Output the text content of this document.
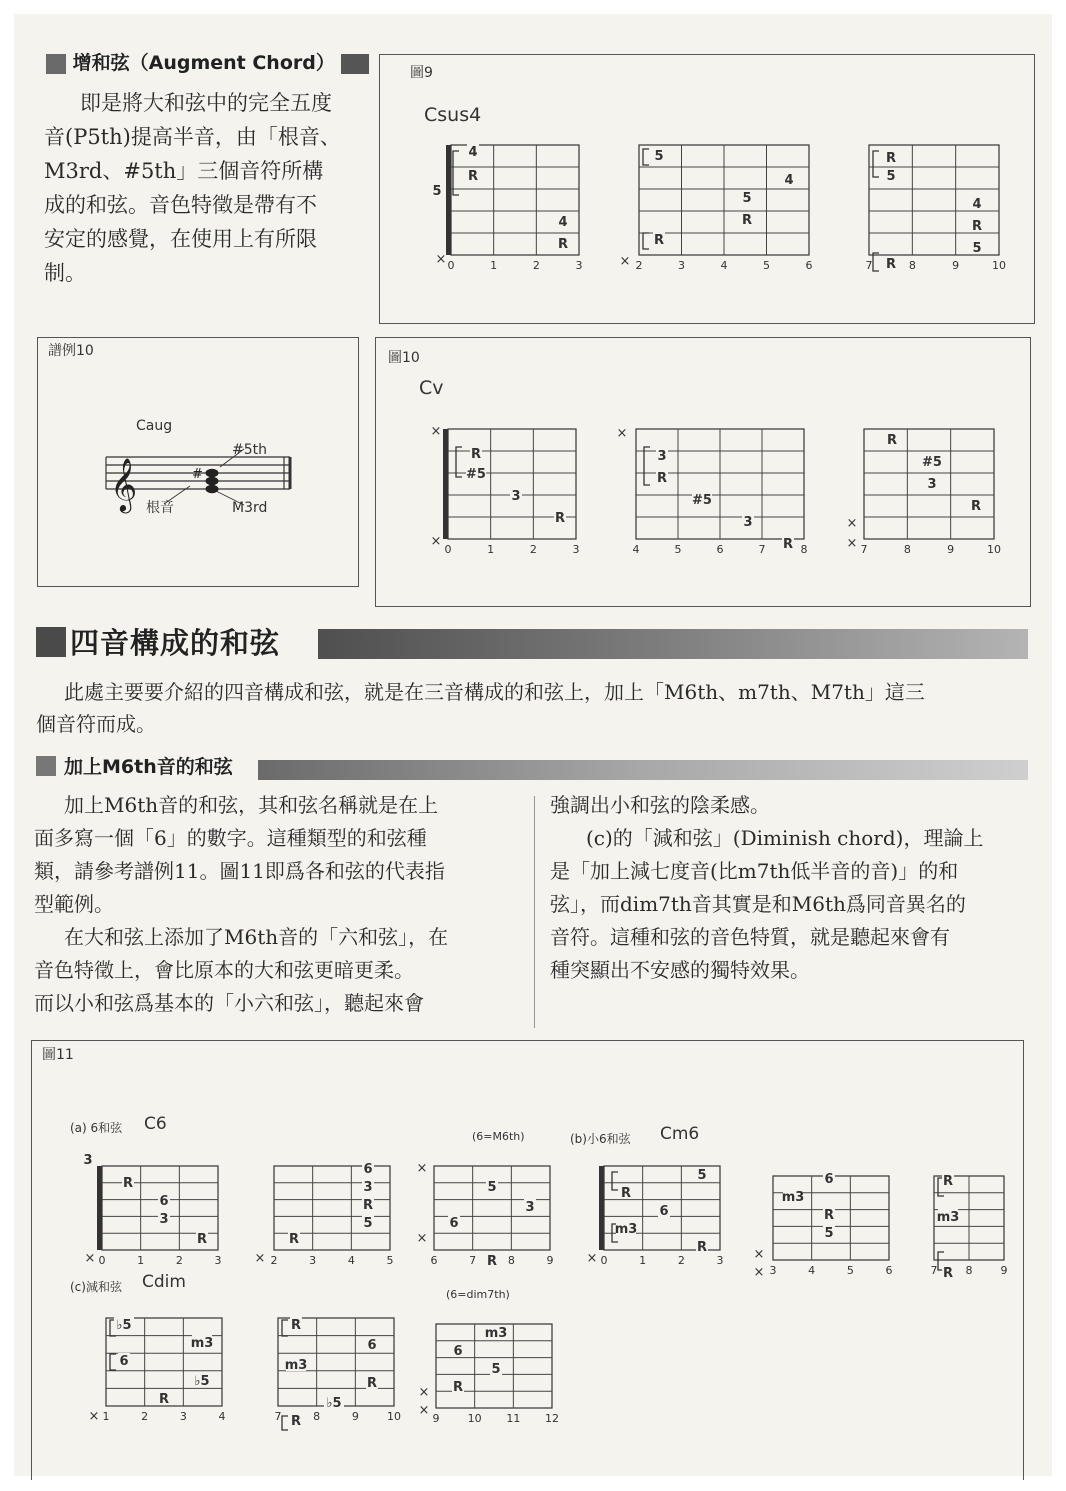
增和弦（Augment Chord）
即是將大和弦中的完全五度
音(P5th)提高半音，由「根音、
M3rd、#5th」三個音符所構
成的和弦。音色特徵是帶有不
安定的感覺，在使用上有所限
制。
圖9
Csus4
0	1	2	3
×
5
4
R
4
R
2	3	4	5	6
×
5
4
5
R
R
7	8	9	10
R
5
4
R
5
R
譜例10
𝄞	#
Caug
#5th
根音	M3rd
圖10
Cv
0	1	2	3
×
×
R
#5
3
R
4	5	6	7	8
×
3
R
#5
3
R	7	8	9	10
×
×
R
#5
3
R
四音構成的和弦
此處主要要介紹的四音構成和弦，就是在三音構成的和弦上，加上「M6th、m7th、M7th」這三
個音符而成。
加上M6th音的和弦
加上M6th音的和弦，其和弦名稱就是在上
面多寫一個「6」的數字。這種類型的和弦種
類，請參考譜例11。圖11即爲各和弦的代表指
型範例。
在大和弦上添加了M6th音的「六和弦」，在
音色特徵上，會比原本的大和弦更暗更柔。
而以小和弦爲基本的「小六和弦」，聽起來會
強調出小和弦的陰柔感。
(c)的「減和弦」(Diminish chord)，理論上
是「加上減七度音(比m7th低半音的音)」的和
弦」，而dim7th音其實是和M6th爲同音異名的
音符。這種和弦的音色特質，就是聽起來會有
種突顯出不安感的獨特效果。
圖11
(a) 6和弦 C6
(6=M6th)	(b)小6和弦 Cm6
(c)減和弦 Cdim
(6=dim7th)
0	1	2	3
×
3
R
6
3
R
2	3	4	5
×
6
3
R
5
R
6	7	8	9
×
×
5
3
6
R	0	1	2	3
×
5
R
6
m3
R
3	4	5	6
×
×
6
m3
R
5
7	8	9
R
m3
R
1	2	3	4
×
♭5
6
m3
♭5
R
7	8	9	10
R
6
m3
R
♭5
R	9	10 11 12
×
×
m3
6
5
R
